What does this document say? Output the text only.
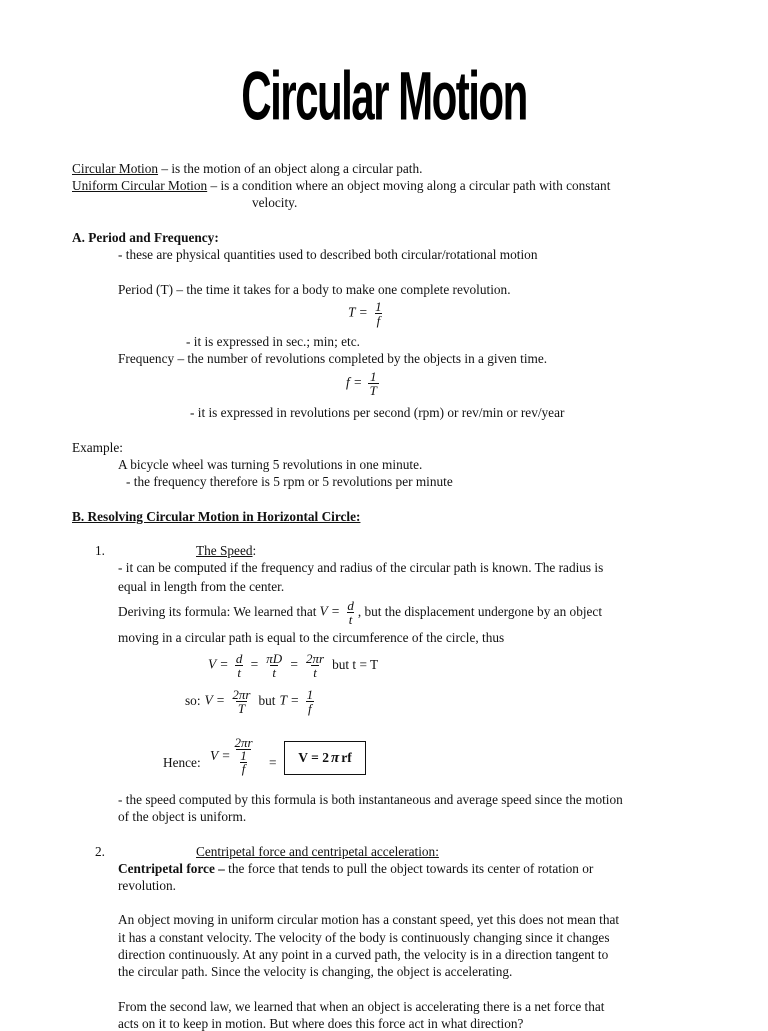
Circular Motion
Circular Motion – is the motion of an object along a circular path.
Uniform Circular Motion – is a condition where an object moving along a circular path with constant
velocity.
A. Period and Frequency:
- these are physical quantities used to described both circular/rotational motion
Period (T) – the time it takes for a body to make one complete revolution.
$T = \frac{1}{f}$
- it is expressed in sec.; min; etc.
Frequency – the number of revolutions completed by the objects in a given time.
$f = \frac{1}{T}$
- it is expressed in revolutions per second (rpm) or rev/min or rev/year
Example:
A bicycle wheel was turning 5 revolutions in one minute.
- the frequency therefore is 5 rpm or 5 revolutions per minute
B. Resolving Circular Motion in Horizontal Circle:
1.	The Speed:
- it can be computed if the frequency and radius of the circular path is known. The radius is
equal in length from the center.
Deriving its formula: We learned that $V = \frac{d}{t}$ , but the displacement undergone by an object
moving in a circular path is equal to the circumference of the circle, thus
$V = \frac{d}{t} = \frac{\pi D}{t} = \frac{2\pi r}{t}$ but t = T
so: $V = \frac{2\pi r}{T}$ but $T = \frac{1}{f}$
Hence: $V = \frac{2\pi r}{\frac{1}{f}} = V = 2$ π rf
- the speed computed by this formula is both instantaneous and average speed since the motion
of the object is uniform.
2.	Centripetal force and centripetal acceleration:
Centripetal force – the force that tends to pull the object towards its center of rotation or
revolution.
An object moving in uniform circular motion has a constant speed, yet this does not mean that
it has a constant velocity. The velocity of the body is continuously changing since it changes
direction continuously. At any point in a curved path, the velocity is in a direction tangent to
the circular path. Since the velocity is changing, the object is accelerating.
From the second law, we learned that when an object is accelerating there is a net force that
acts on it to keep in motion. But where does this force act in what direction?
